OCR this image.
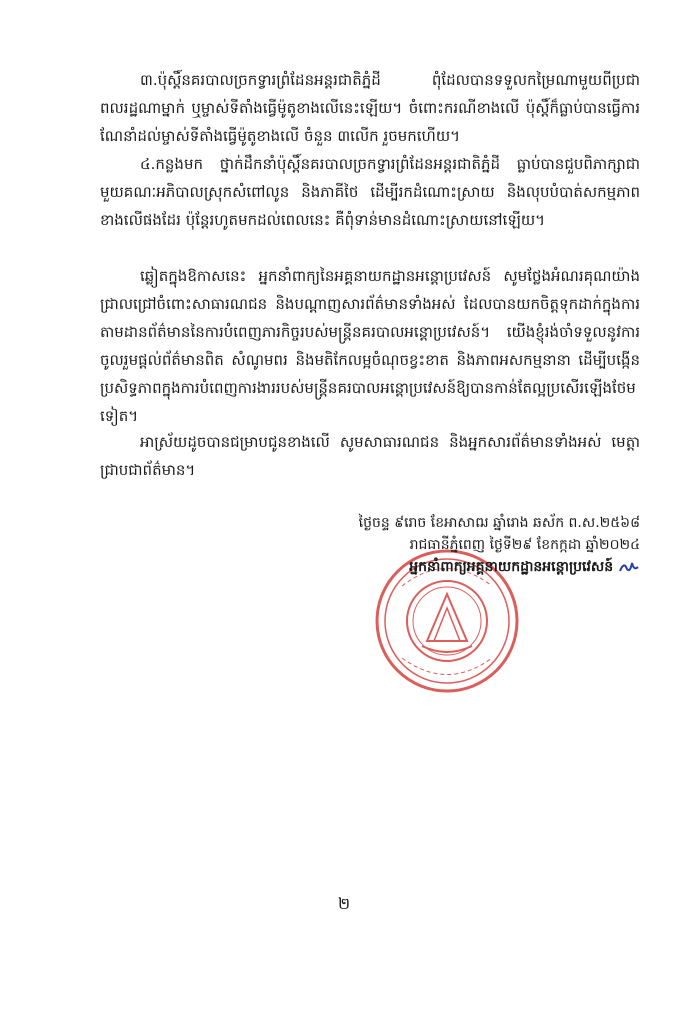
៣.ប៉ុស្តិ៍នគរបាលច្រកទ្វារព្រំដែនអន្តរជាតិភ្នំដី ពុំដែលបានទទួលកម្រៃណាមួយពីប្រជាពលរដ្ឋណាម្នាក់ ឬម្ចាស់ទីតាំងធ្វើម៉ូតូខាងលើនេះឡើយ។ ចំពោះករណីខាងលើ ប៉ុស្តិ៍ក៏ធ្លាប់បានធ្វើការណែនាំដល់ម្ចាស់ទីតាំងធ្វើម៉ូតូខាងលើ ចំនួន ៣លើក រួចមកហើយ។

៤.កន្លងមក ថ្នាក់ដឹកនាំប៉ុស្តិ៍នគរបាលច្រកទ្វារព្រំដែនអន្តរជាតិភ្នំដី ធ្លាប់បានជួបពិភាក្សាជាមួយគណៈអភិបាលស្រុកសំពៅលូន និងភាគីថៃ ដើម្បីរកដំណោះស្រាយ និងលុបបំបាត់សកម្មភាពខាងលើផងដែរ ប៉ុន្តែរហូតមកដល់ពេលនេះ គឺពុំទាន់មានដំណោះស្រាយនៅឡើយ។

ឆ្លៀតក្នុងឱកាសនេះ អ្នកនាំពាក្យនៃអគ្គនាយកដ្ឋានអន្តោប្រវេសន៍ សូមថ្លែងអំណរគុណយ៉ាងជ្រាលជ្រៅចំពោះសាធារណជន និងបណ្តាញសារព័ត៌មានទាំងអស់ ដែលបានយកចិត្តទុកដាក់ក្នុងការតាមដានព័ត៌មាននៃការបំពេញភារកិច្ចរបស់មន្ត្រីនគរបាលអន្តោប្រវេសន៍។ យើងខ្ញុំរង់ចាំទទួលនូវការចូលរួមផ្តល់ព័ត៌មានពិត សំណូមពរ និងមតិកែលម្អចំណុចខ្វះខាត និងភាពអសកម្មនានា ដើម្បីបង្កើនប្រសិទ្ធភាពក្នុងការបំពេញការងាររបស់មន្ត្រីនគរបាលអន្តោប្រវេសន៍ឱ្យបានកាន់តែល្អប្រសើរឡើងថែមទៀត។

អាស្រ័យដូចបានជម្រាបជូនខាងលើ សូមសាធារណជន និងអ្នកសារព័ត៌មានទាំងអស់ មេត្តាជ្រាបជាព័ត៌មាន។

ថ្ងៃចន្ទ ៩រោច ខែអាសាឍ ឆ្នាំរោង ឆស័ក ព.ស.២៥៦៨
រាជធានីភ្នំពេញ ថ្ងៃទី២៩ ខែកក្កដា ឆ្នាំ២០២៤
អ្នកនាំពាក្យអគ្គនាយកដ្ឋានអន្តោប្រវេសន៍
២
